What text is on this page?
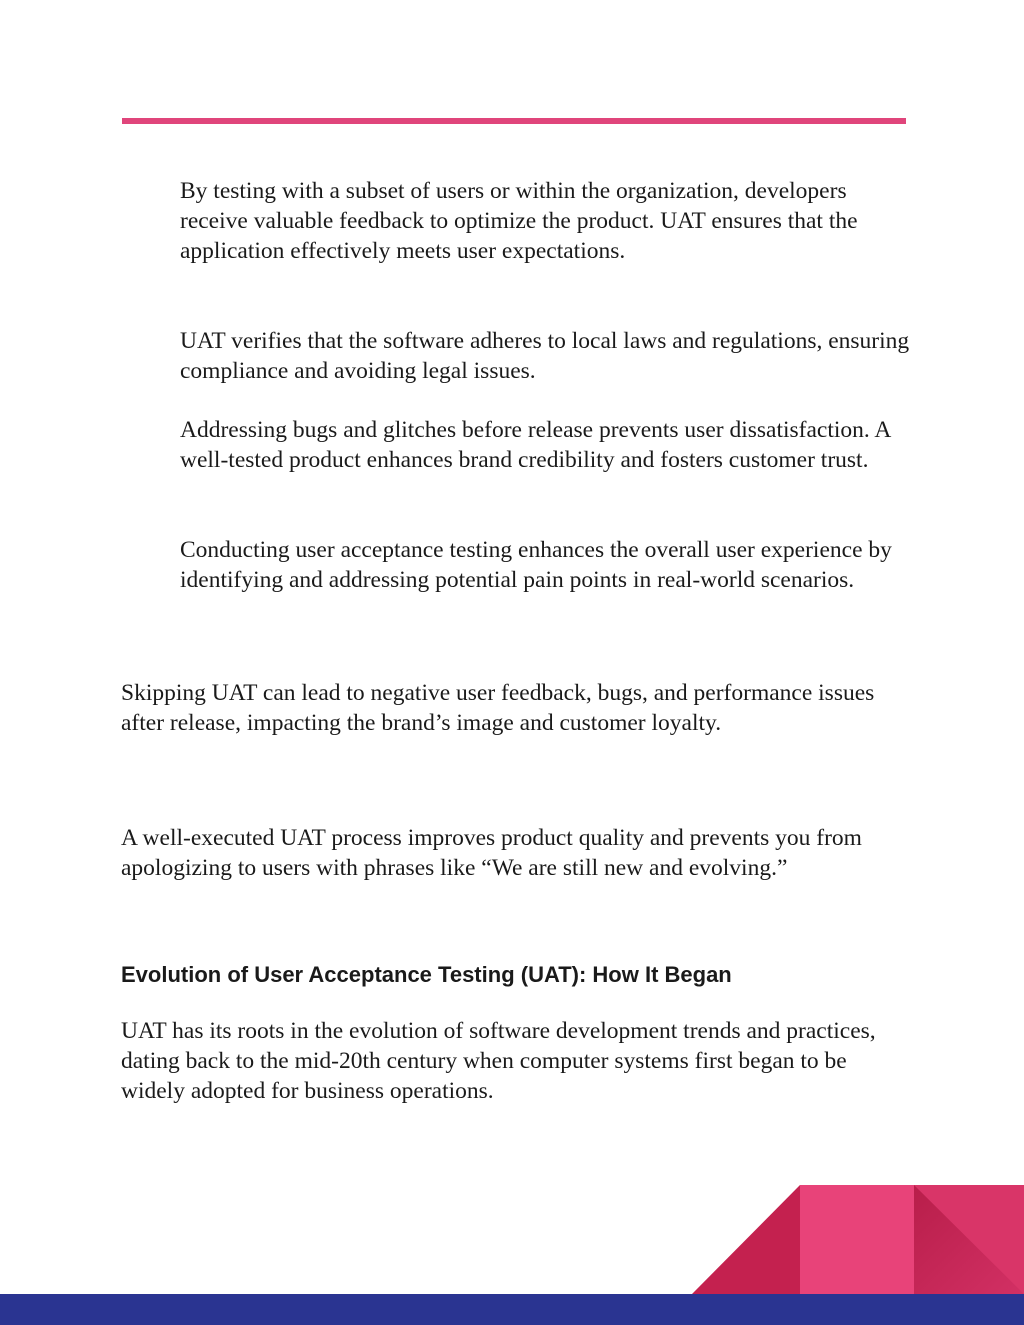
By testing with a subset of users or within the organization, developers receive valuable feedback to optimize the product. UAT ensures that the application effectively meets user expectations.

UAT verifies that the software adheres to local laws and regulations, ensuring compliance and avoiding legal issues.

Addressing bugs and glitches before release prevents user dissatisfaction. A well-tested product enhances brand credibility and fosters customer trust.

Conducting user acceptance testing enhances the overall user experience by identifying and addressing potential pain points in real-world scenarios.

Skipping UAT can lead to negative user feedback, bugs, and performance issues after release, impacting the brand’s image and customer loyalty.

A well-executed UAT process improves product quality and prevents you from apologizing to users with phrases like “We are still new and evolving.”

Evolution of User Acceptance Testing (UAT): How It Began

UAT has its roots in the evolution of software development trends and practices, dating back to the mid-20th century when computer systems first began to be widely adopted for business operations.
